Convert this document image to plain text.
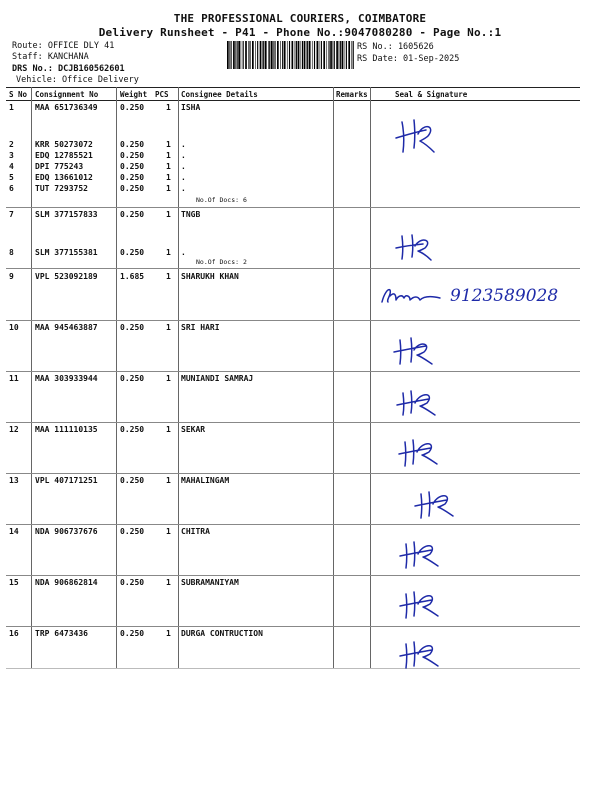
THE PROFESSIONAL COURIERS, COIMBATORE
Delivery Runsheet - P41 - Phone No.:9047080280 - Page No.:1
Route: OFFICE DLY 41
Staff: KANCHANA
DRS No.: DCJB160562601
Vehicle: Office Delivery
RS No.: 1605626
RS Date: 01-Sep-2025
S No Consignment No	Weight PCS Consignee Details	Remarks	Seal & Signature
1	MAA 651736349	0.250	1 ISHA
2	KRR 50273072	0.250	1 .
3	EDQ 12785521	0.250	1 .
4	DPI 775243	0.250	1 .
5	EDQ 13661012	0.250	1 .
6	TUT 7293752	0.250	1 .
7	SLM 377157833	0.250	1 TNGB
8	SLM 377155381	0.250	1 .
9	VPL 523092189	1.685	1 SHARUKH KHAN
10 MAA 945463887	0.250	1 SRI HARI
11 MAA 303933944	0.250	1 MUNIANDI SAMRAJ
12 MAA 111110135	0.250	1 SEKAR
13 VPL 407171251	0.250	1 MAHALINGAM
14 NDA 906737676	0.250	1 CHITRA
15 NDA 906862814	0.250	1 SUBRAMANIYAM
16 TRP 6473436	0.250	1 DURGA CONTRUCTION
No.Of Docs: 6
No.Of Docs: 2
9123589028
